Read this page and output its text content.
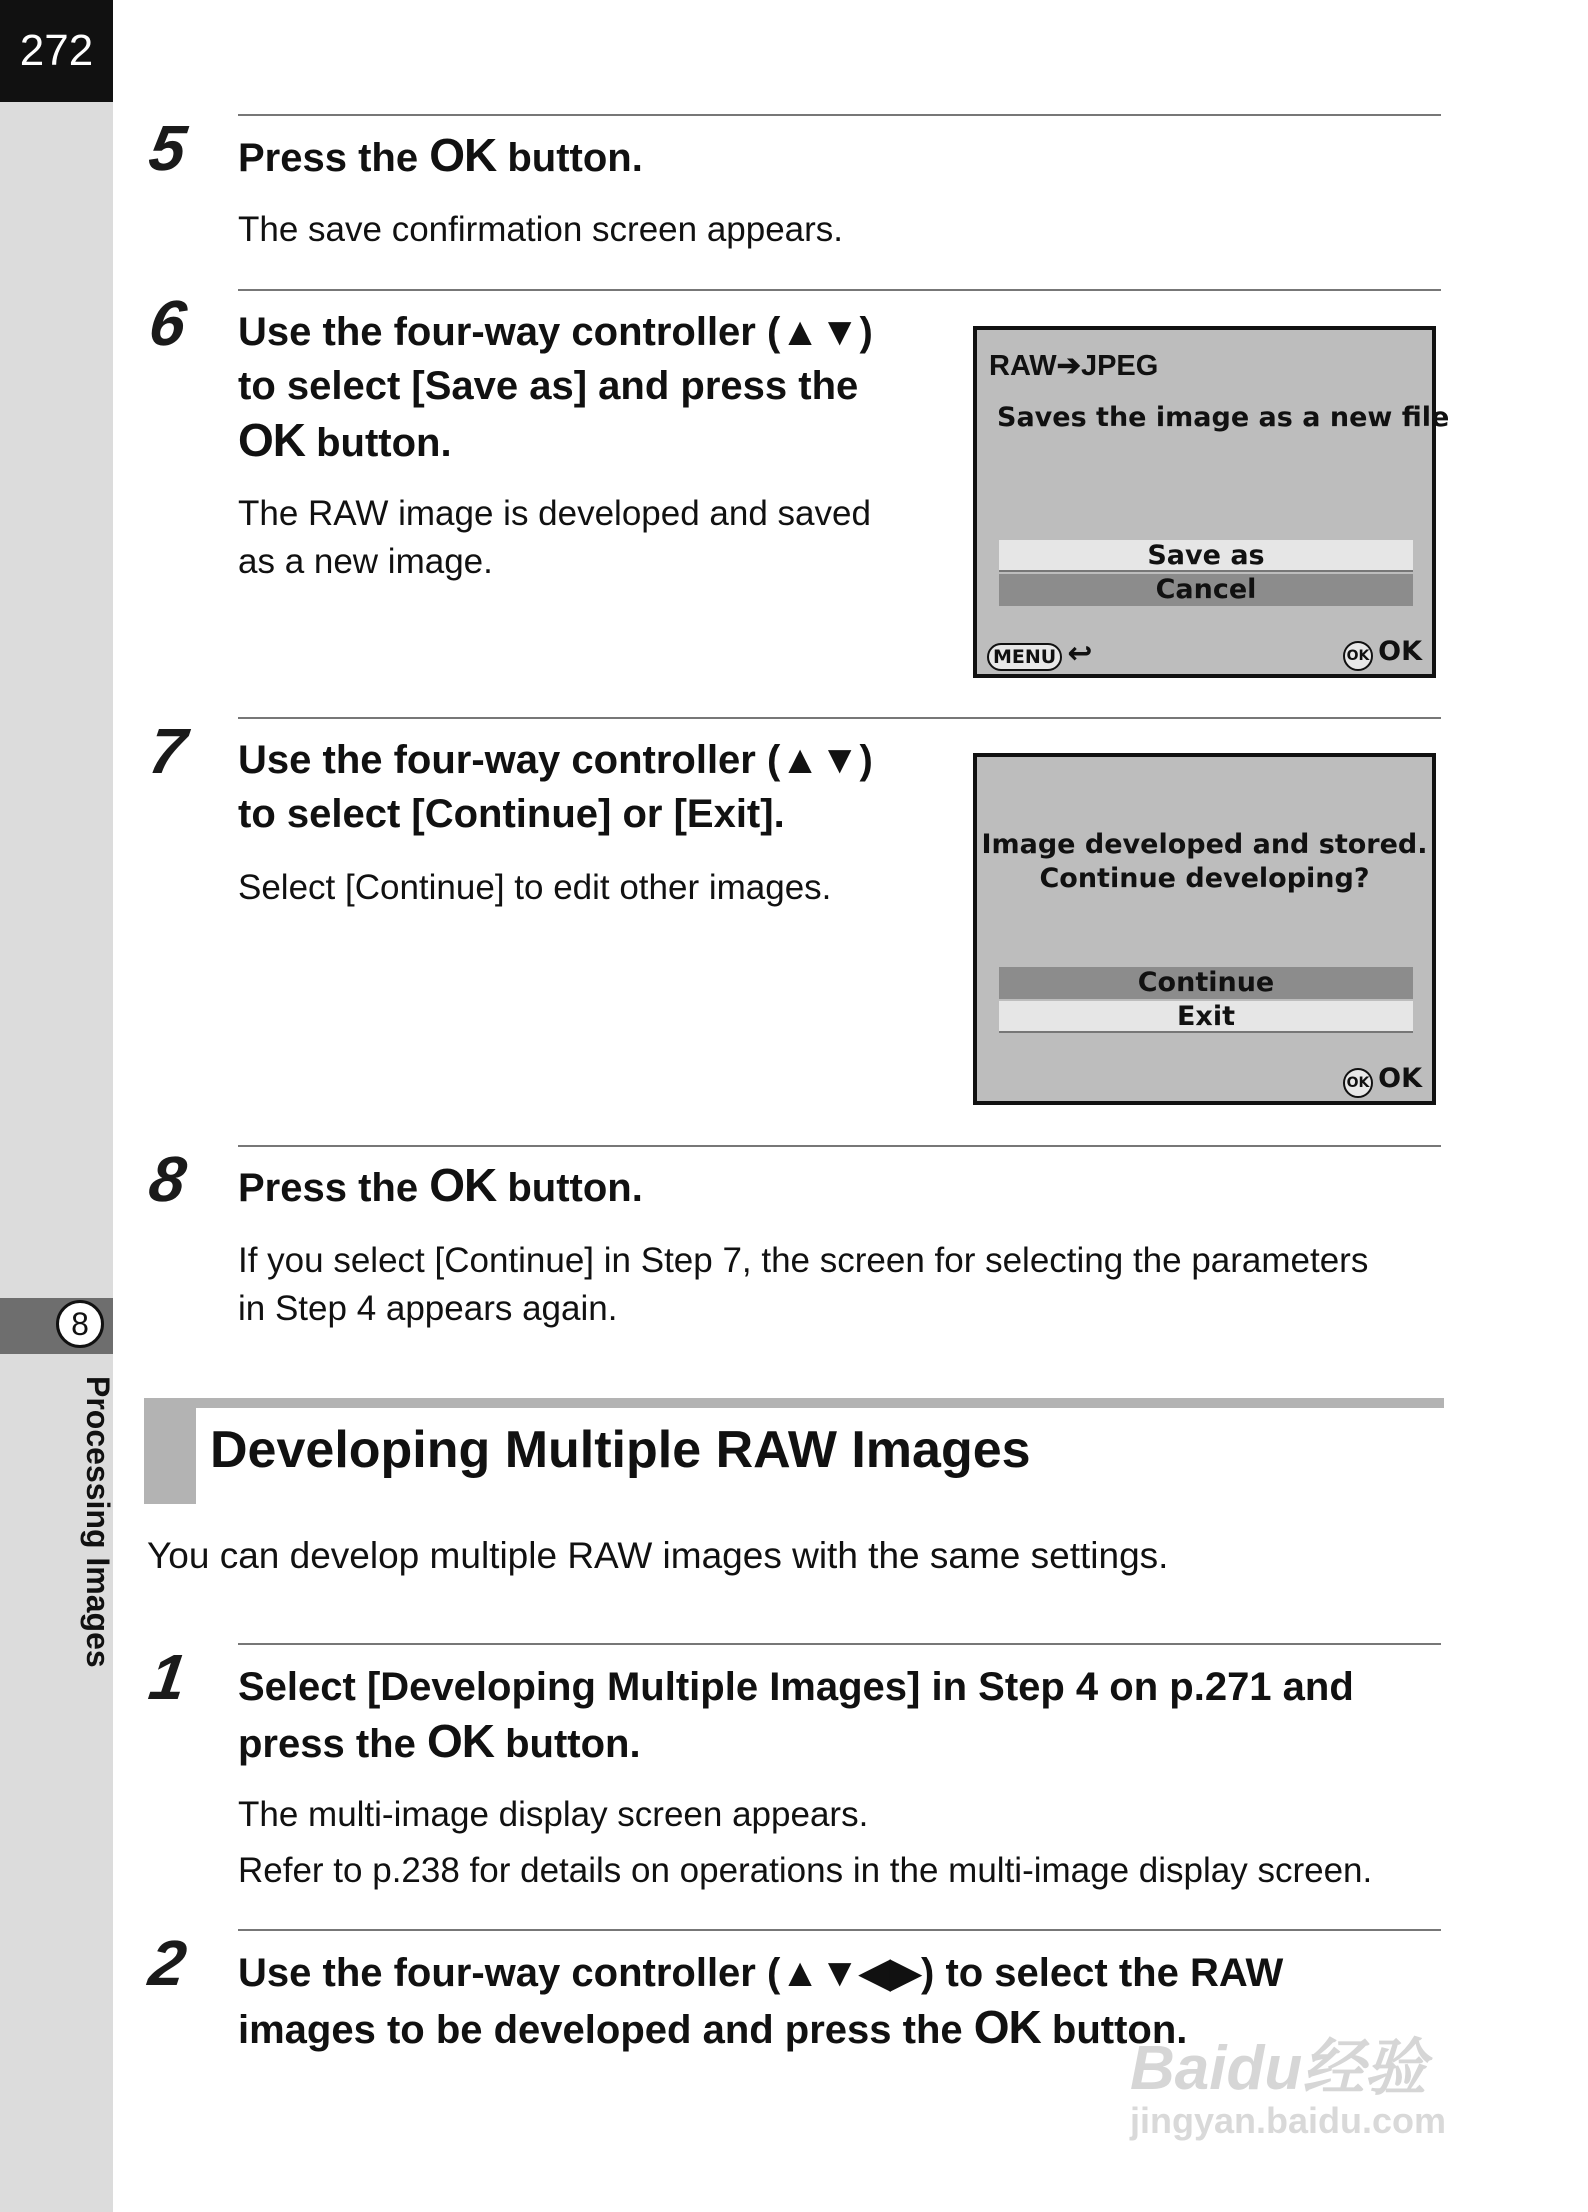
272
8
Processing Images
5 Press the OK button.
The save confirmation screen appears.
6 Use the four-way controller (▲▼)
to select [Save as] and press the
OK button.
The RAW image is developed and saved
as a new image.
RAW➔JPEG
Saves the image as a new file
Save as
Cancel
MENU ↩	OK OK
7 Use the four-way controller (▲▼)
to select [Continue] or [Exit].
Select [Continue] to edit other images.
Image developed and stored.
Continue developing?
Continue
Exit
OK OK
8 Press the OK button.
If you select [Continue] in Step 7, the screen for selecting the parameters
in Step 4 appears again.
Developing Multiple RAW Images
You can develop multiple RAW images with the same settings.
1 Select [Developing Multiple Images] in Step 4 on p.271 and
press the OK button.
The multi-image display screen appears.
Refer to p.238 for details on operations in the multi-image display screen.
2 Use the four-way controller (▲▼◀▶) to select the RAW
images to be developed and press the OK button.
Baidu经验
jingyan.baidu.com
